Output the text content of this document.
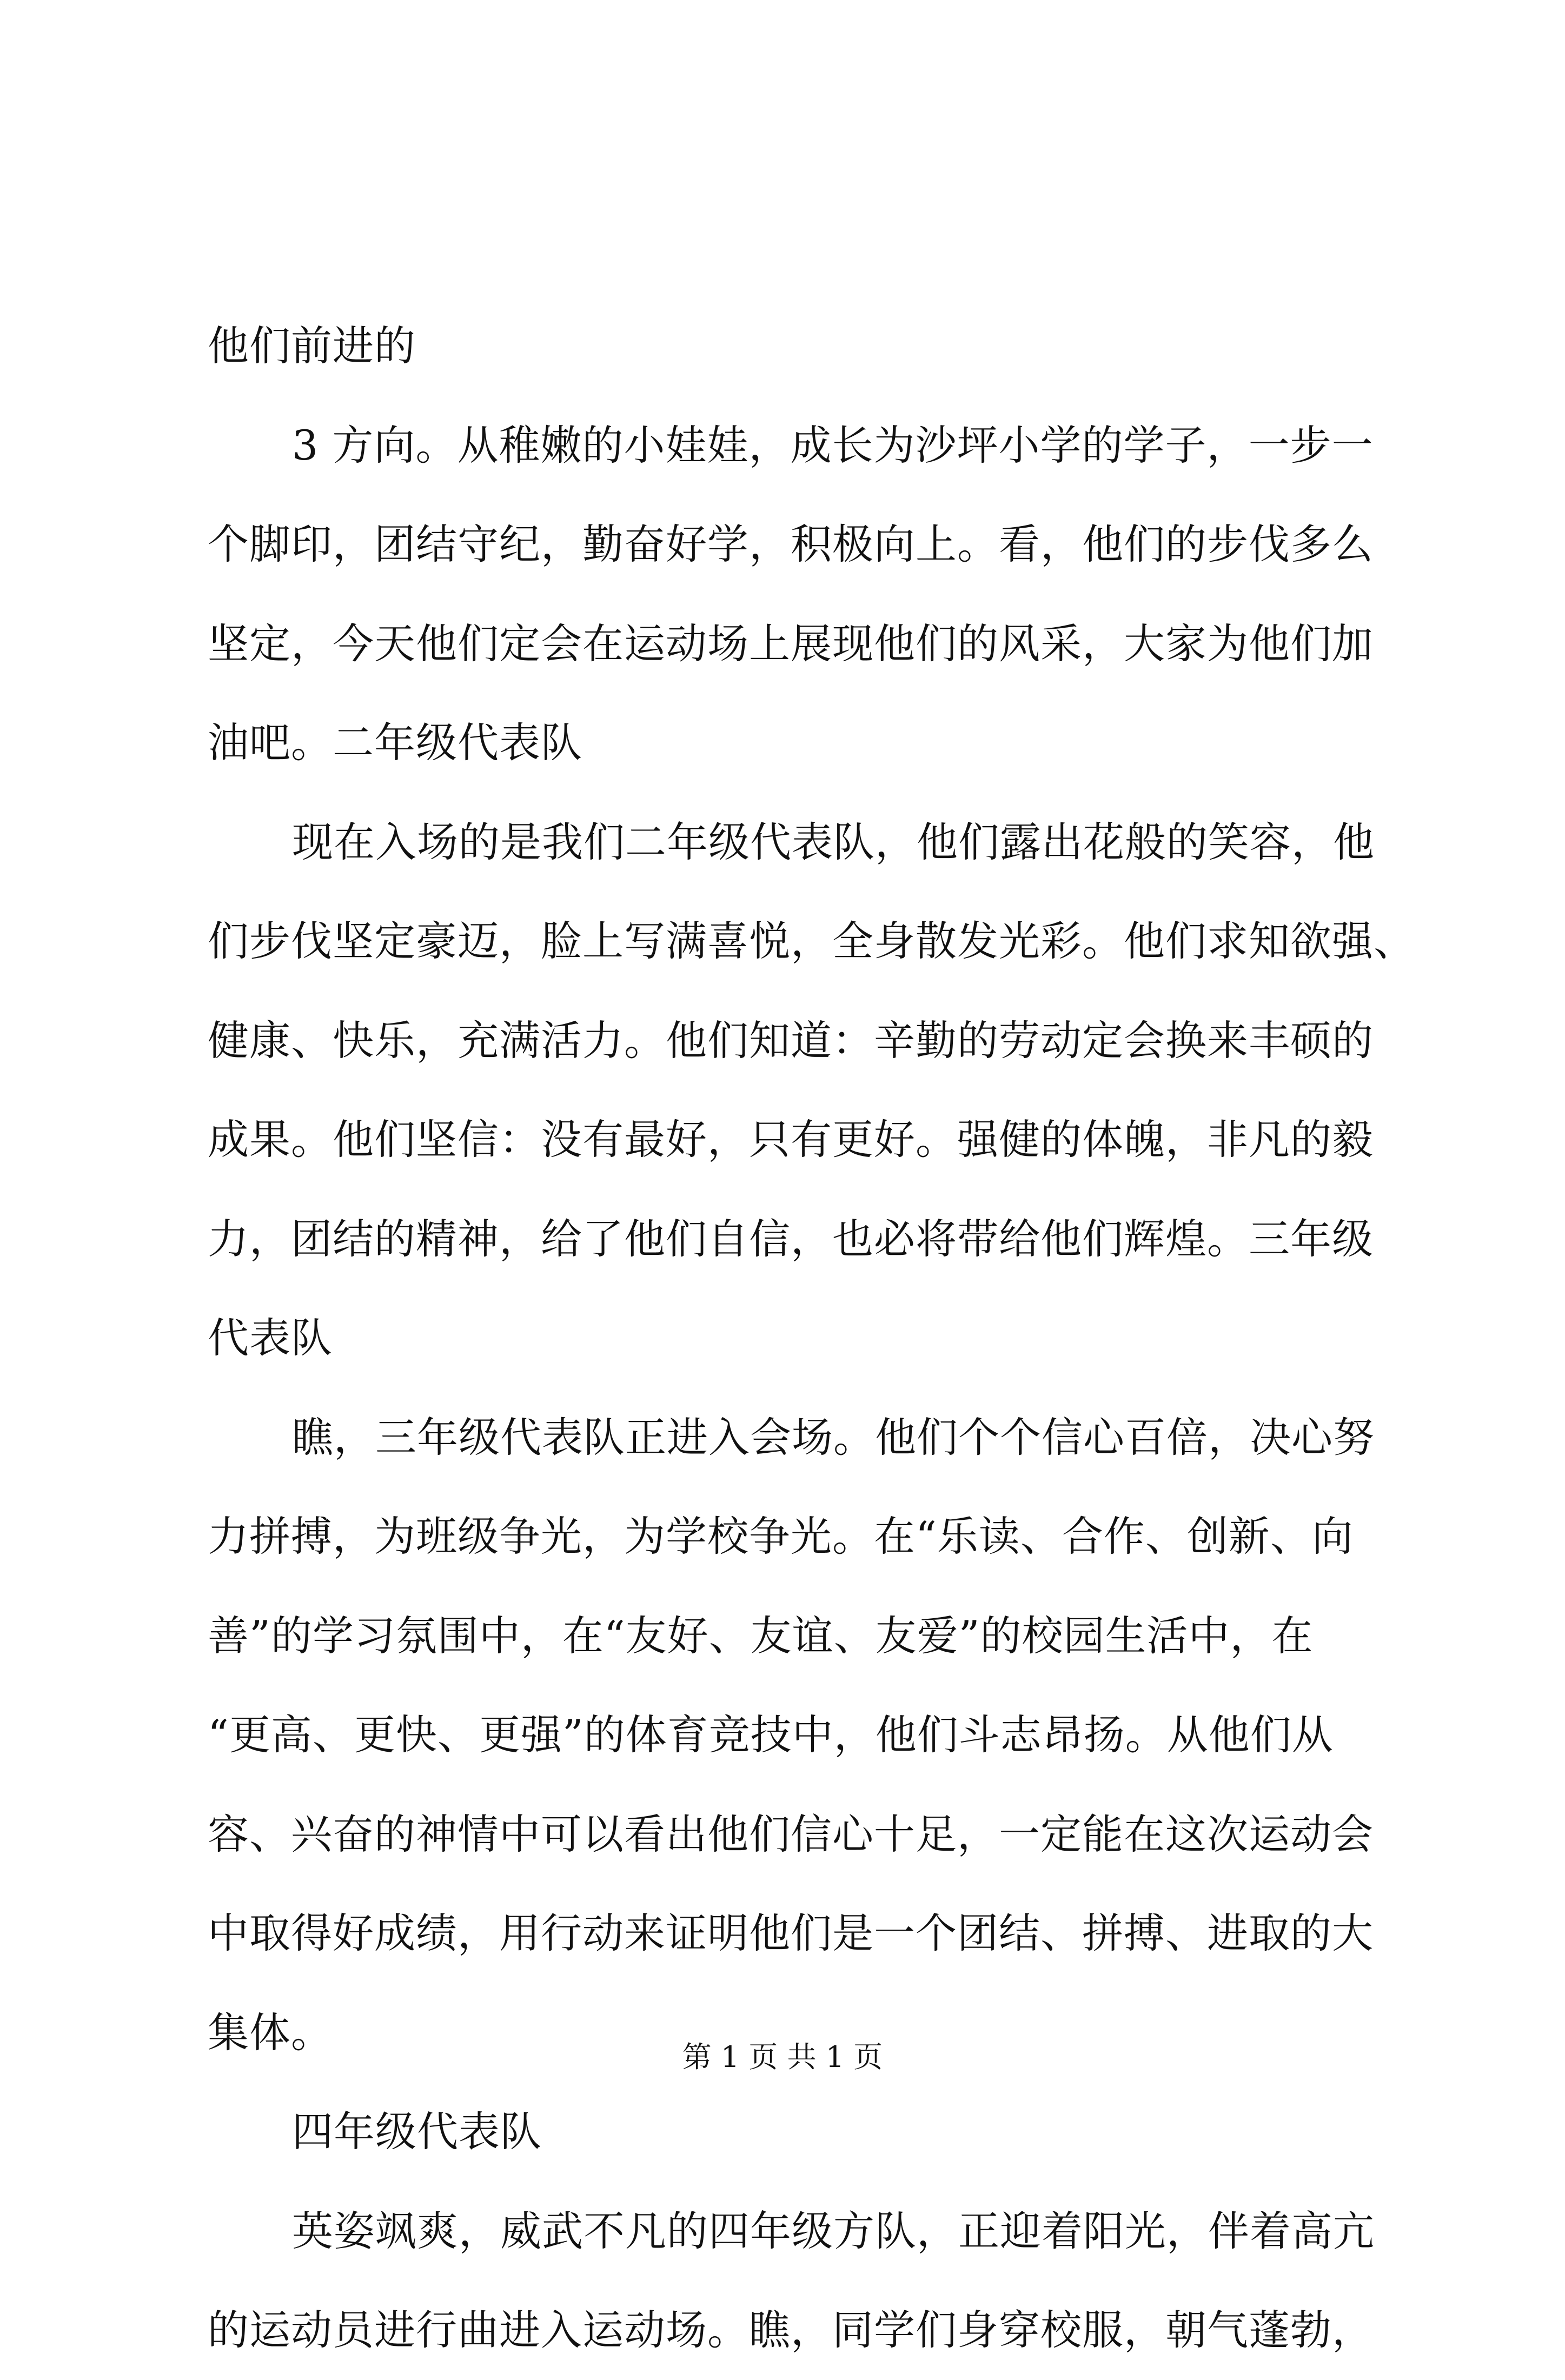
他们前进的
3 方向。从稚嫩的小娃娃，成长为沙坪小学的学子，一步一
个脚印，团结守纪，勤奋好学，积极向上。看，他们的步伐多么
坚定，今天他们定会在运动场上展现他们的风采，大家为他们加
油吧。二年级代表队
现在入场的是我们二年级代表队，他们露出花般的笑容，他
们步伐坚定豪迈，脸上写满喜悦，全身散发光彩。他们求知欲强、
健康、快乐，充满活力。他们知道：辛勤的劳动定会换来丰硕的
成果。他们坚信：没有最好，只有更好。强健的体魄，非凡的毅
力，团结的精神，给了他们自信，也必将带给他们辉煌。三年级
代表队
瞧，三年级代表队正进入会场。他们个个信心百倍，决心努
力拼搏，为班级争光，为学校争光。在“乐读、合作、创新、向
善”的学习氛围中，在“友好、友谊、友爱”的校园生活中，在
“更高、更快、更强”的体育竞技中，他们斗志昂扬。从他们从
容、兴奋的神情中可以看出他们信心十足，一定能在这次运动会
中取得好成绩，用行动来证明他们是一个团结、拼搏、进取的大
集体。
四年级代表队
英姿飒爽，威武不凡的四年级方队，正迎着阳光，伴着高亢
的运动员进行曲进入运动场。瞧，同学们身穿校服，朝气蓬勃，
第 1 页 共 1 页
